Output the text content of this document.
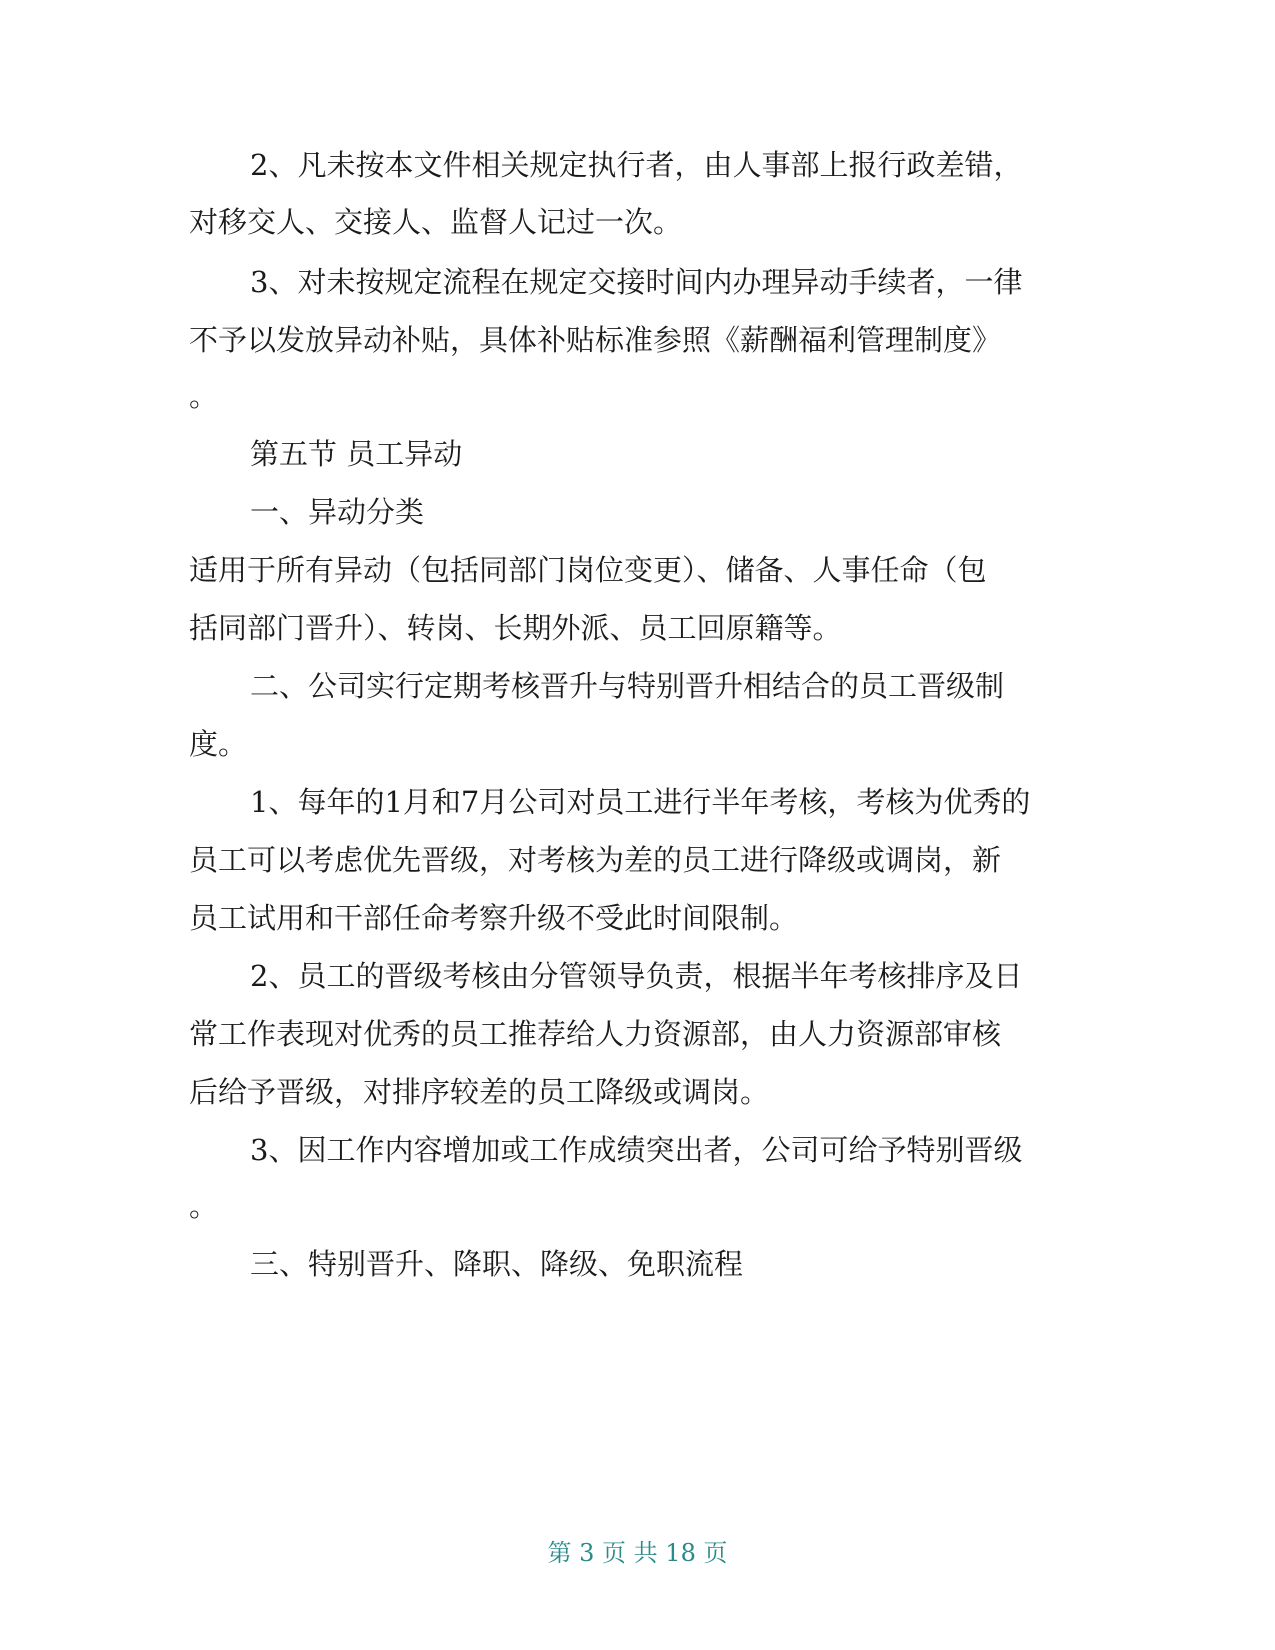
2、凡未按本文件相关规定执行者，由人事部上报行政差错，
对移交人、交接人、监督人记过一次。
3、对未按规定流程在规定交接时间内办理异动手续者，一律
不予以发放异动补贴，具体补贴标准参照《薪酬福利管理制度》
。
第五节 员工异动
一、异动分类
适用于所有异动（包括同部门岗位变更）、储备、人事任命（包
括同部门晋升）、转岗、长期外派、员工回原籍等。
二、公司实行定期考核晋升与特别晋升相结合的员工晋级制
度。
1、每年的1月和7月公司对员工进行半年考核，考核为优秀的
员工可以考虑优先晋级，对考核为差的员工进行降级或调岗，新
员工试用和干部任命考察升级不受此时间限制。
2、员工的晋级考核由分管领导负责，根据半年考核排序及日
常工作表现对优秀的员工推荐给人力资源部，由人力资源部审核
后给予晋级，对排序较差的员工降级或调岗。
3、因工作内容增加或工作成绩突出者，公司可给予特别晋级
。
三、特别晋升、降职、降级、免职流程
第 3 页 共 18 页
